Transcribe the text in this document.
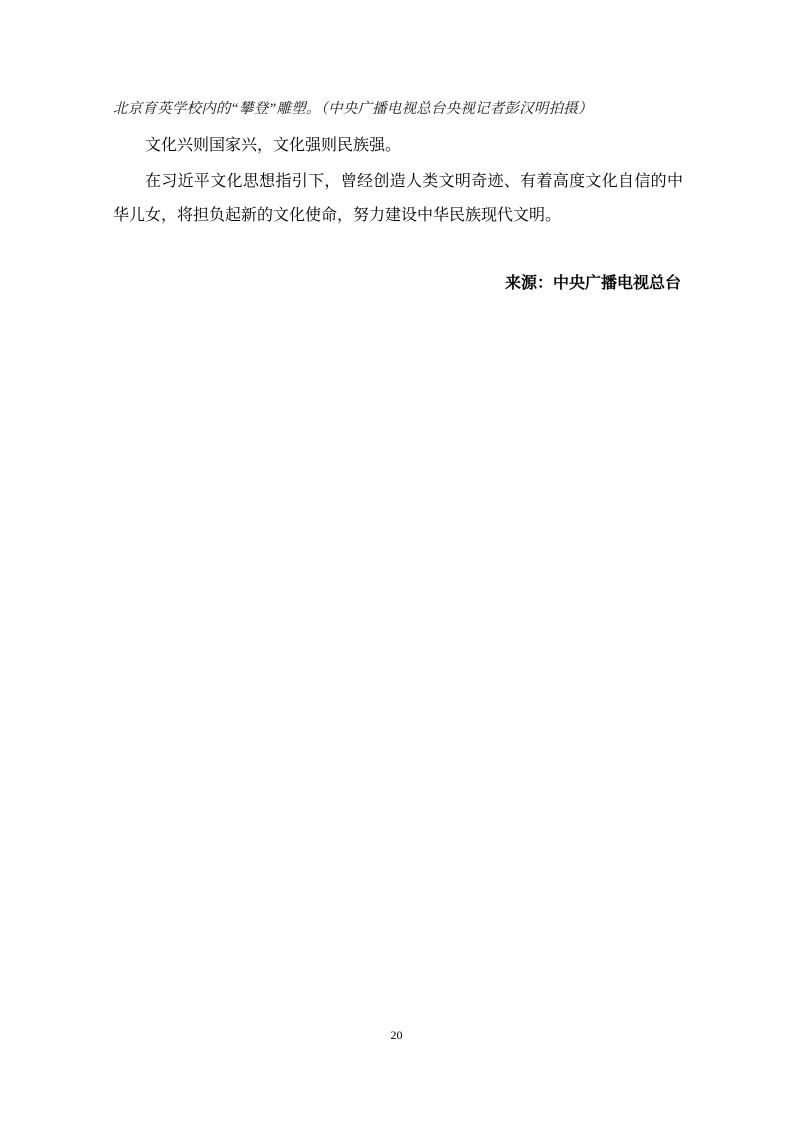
北京育英学校内的“攀登”雕塑。（中央广播电视总台央视记者彭汉明拍摄）

文化兴则国家兴，文化强则民族强。

在习近平文化思想指引下，曾经创造人类文明奇迹、有着高度文化自信的中华儿女，将担负起新的文化使命，努力建设中华民族现代文明。

来源：中央广播电视总台

20
